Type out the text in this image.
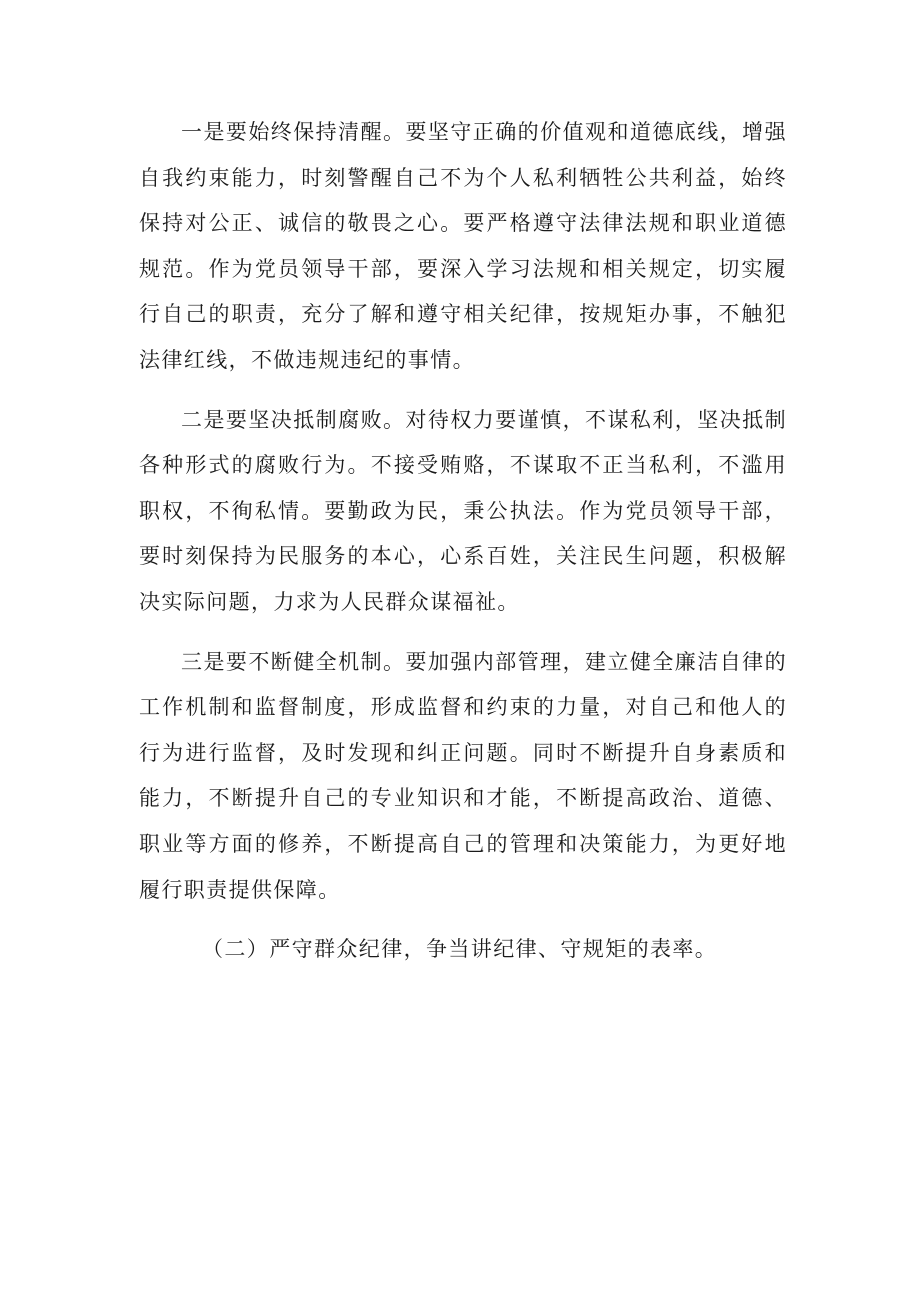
一是要始终保持清醒。要坚守正确的价值观和道德底线，增强自我约束能力，时刻警醒自己不为个人私利牺牲公共利益，始终保持对公正、诚信的敬畏之心。要严格遵守法律法规和职业道德规范。作为党员领导干部，要深入学习法规和相关规定，切实履行自己的职责，充分了解和遵守相关纪律，按规矩办事，不触犯法律红线，不做违规违纪的事情。

二是要坚决抵制腐败。对待权力要谨慎，不谋私利，坚决抵制各种形式的腐败行为。不接受贿赂，不谋取不正当私利，不滥用职权，不徇私情。要勤政为民，秉公执法。作为党员领导干部，要时刻保持为民服务的本心，心系百姓，关注民生问题，积极解决实际问题，力求为人民群众谋福祉。

三是要不断健全机制。要加强内部管理，建立健全廉洁自律的工作机制和监督制度，形成监督和约束的力量，对自己和他人的行为进行监督，及时发现和纠正问题。同时不断提升自身素质和能力，不断提升自己的专业知识和才能，不断提高政治、道德、职业等方面的修养，不断提高自己的管理和决策能力，为更好地履行职责提供保障。

（二）严守群众纪律，争当讲纪律、守规矩的表率。
